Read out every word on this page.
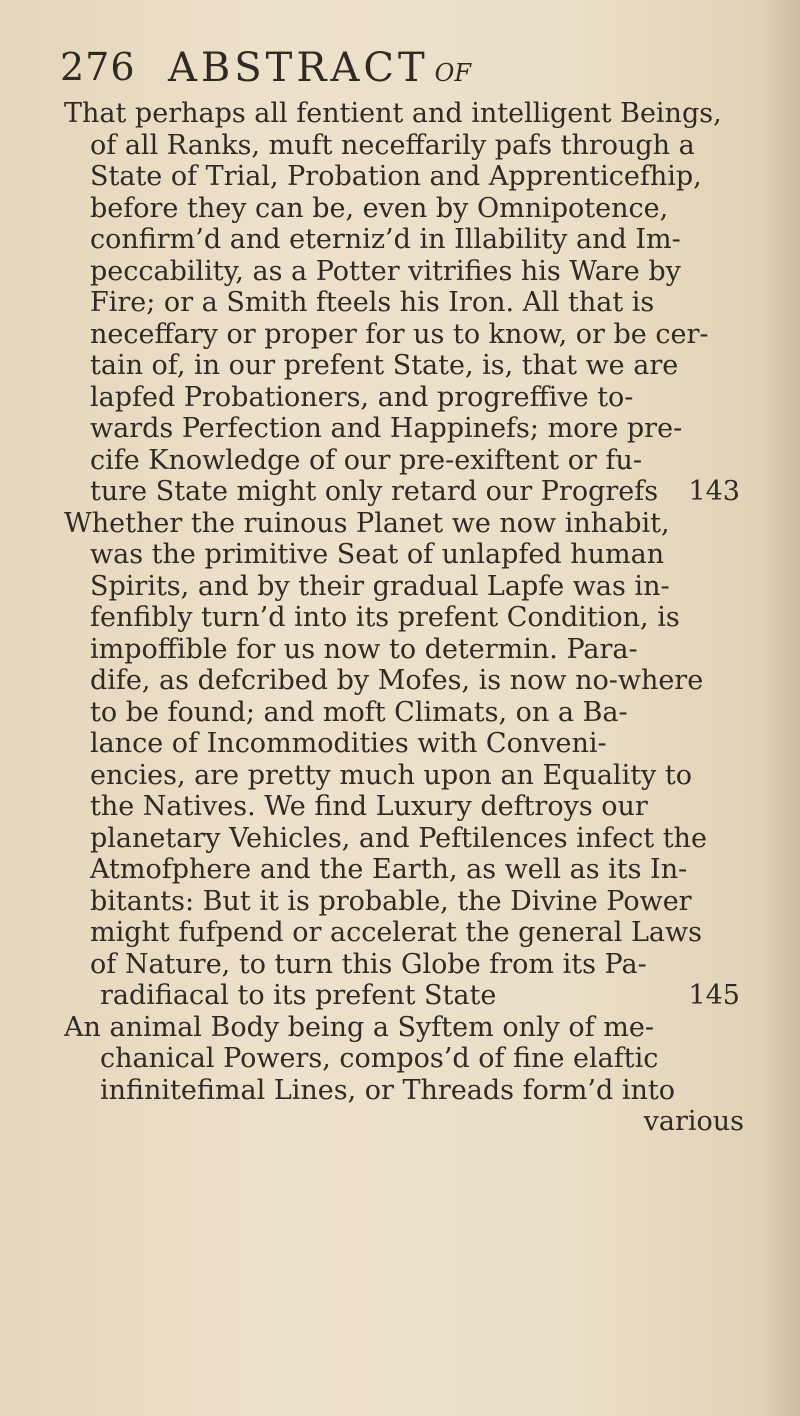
276 ABSTRACT of
That perhaps all fentient and intelligent Beings,
of all Ranks, muft neceffarily pafs through a
State of Trial, Probation and Apprenticefhip,
before they can be, even by Omnipotence,
confirm’d and eterniz’d in Illability and Im-
peccability, as a Potter vitrifies his Ware by
Fire; or a Smith fteels his Iron. All that is
neceffary or proper for us to know, or be cer-
tain of, in our prefent State, is, that we are
lapfed Probationers, and progreffive to-
wards Perfection and Happinefs; more pre-
cife Knowledge of our pre-exiftent or fu-
143
ture State might only retard our Progrefs
Whether the ruinous Planet we now inhabit,
was the primitive Seat of unlapfed human
Spirits, and by their gradual Lapfe was in-
fenfibly turn’d into its prefent Condition, is
impoffible for us now to determin. Para-
dife, as defcribed by Mofes, is now no-where
to be found; and moft Climats, on a Ba-
lance of Incommodities with Conveni-
encies, are pretty much upon an Equality to
the Natives. We find Luxury deftroys our
planetary Vehicles, and Peftilences infect the
Atmofphere and the Earth, as well as its In-
bitants: But it is probable, the Divine Power
might fufpend or accelerat the general Laws
of Nature, to turn this Globe from its Pa-
145
radifiacal to its prefent State
An animal Body being a Syftem only of me-
chanical Powers, compos’d of fine elaftic
infinitefimal Lines, or Threads form’d into
various
